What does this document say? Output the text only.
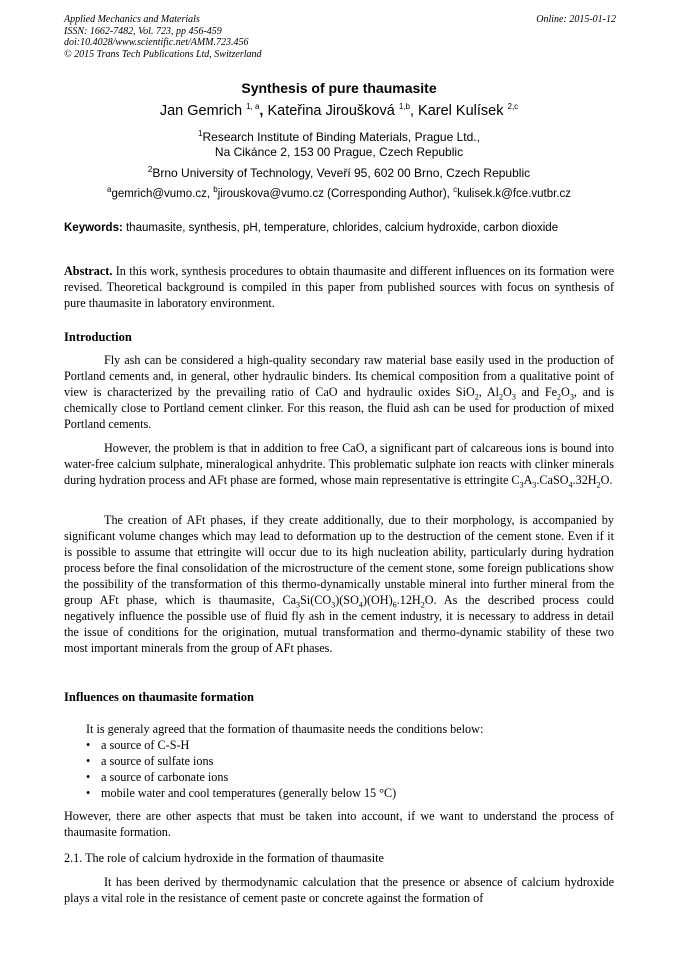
Applied Mechanics and Materials
ISSN: 1662-7482, Vol. 723, pp 456-459
doi:10.4028/www.scientific.net/AMM.723.456
© 2015 Trans Tech Publications Ltd, Switzerland
Online: 2015-01-12
Synthesis of pure thaumasite
Jan Gemrich $^{1, a}$, Kateřina Jiroušková $^{1,b}$, Karel Kulísek $^{2,c}$
$^1$Research Institute of Binding Materials, Prague Ltd.,
Na Cikánce 2, 153 00 Prague, Czech Republic
$^2$Brno University of Technology, Veveří 95, 602 00 Brno, Czech Republic
$^a$gemrich@vumo.cz, $^b$jirouskova@vumo.cz (Corresponding Author), $^c$kulisek.k@fce.vutbr.cz
Keywords: thaumasite, synthesis, pH, temperature, chlorides, calcium hydroxide, carbon dioxide
Abstract. In this work, synthesis procedures to obtain thaumasite and different influences on its formation were revised. Theoretical background is compiled in this paper from published sources with focus on synthesis of pure thaumasite in laboratory environment.
Introduction
Fly ash can be considered a high-quality secondary raw material base easily used in the production of Portland cements and, in general, other hydraulic binders. Its chemical composition from a qualitative point of view is characterized by the prevailing ratio of CaO and hydraulic oxides SiO$_2$, $Al_2O_3$ and $Fe_2O_3$, and is chemically close to Portland cement clinker. For this reason, the fluid ash can be used for production of mixed Portland cements.
However, the problem is that in addition to free CaO, a significant part of calcareous ions is bound into water-free calcium sulphate, mineralogical anhydrite. This problematic sulphate ion reacts with clinker minerals during hydration process and AFt phase are formed, whose main representative is ettringite $C_3A_3.CaSO_4.32H_2O$.
The creation of AFt phases, if they create additionally, due to their morphology, is accompanied by significant volume changes which may lead to deformation up to the destruction of the cement stone. Even if it is possible to assume that ettringite will occur due to its high nucleation ability, particularly during hydration process before the final consolidation of the microstructure of the cement stone, some foreign publications show the possibility of the transformation of this thermo-dynamically unstable mineral into further mineral from the group AFt phase, which is thaumasite, $Ca_3Si(CO_3)(SO_4)(OH)_6.12H_2O$. As the described process could negatively influence the possible use of fluid fly ash in the cement industry, it is necessary to address in detail the issue of conditions for the origination, mutual transformation and thermo-dynamic stability of these two most important minerals from the group of AFt phases.
Influences on thaumasite formation
It is generaly agreed that the formation of thaumasite needs the conditions below:
• a source of C-S-H
• a source of sulfate ions
• a source of carbonate ions
• mobile water and cool temperatures (generally below 15 °C)
However, there are other aspects that must be taken into account, if we want to understand the process of thaumasite formation.
2.1. The role of calcium hydroxide in the formation of thaumasite
It has been derived by thermodynamic calculation that the presence or absence of calcium hydroxide plays a vital role in the resistance of cement paste or concrete against the formation of
